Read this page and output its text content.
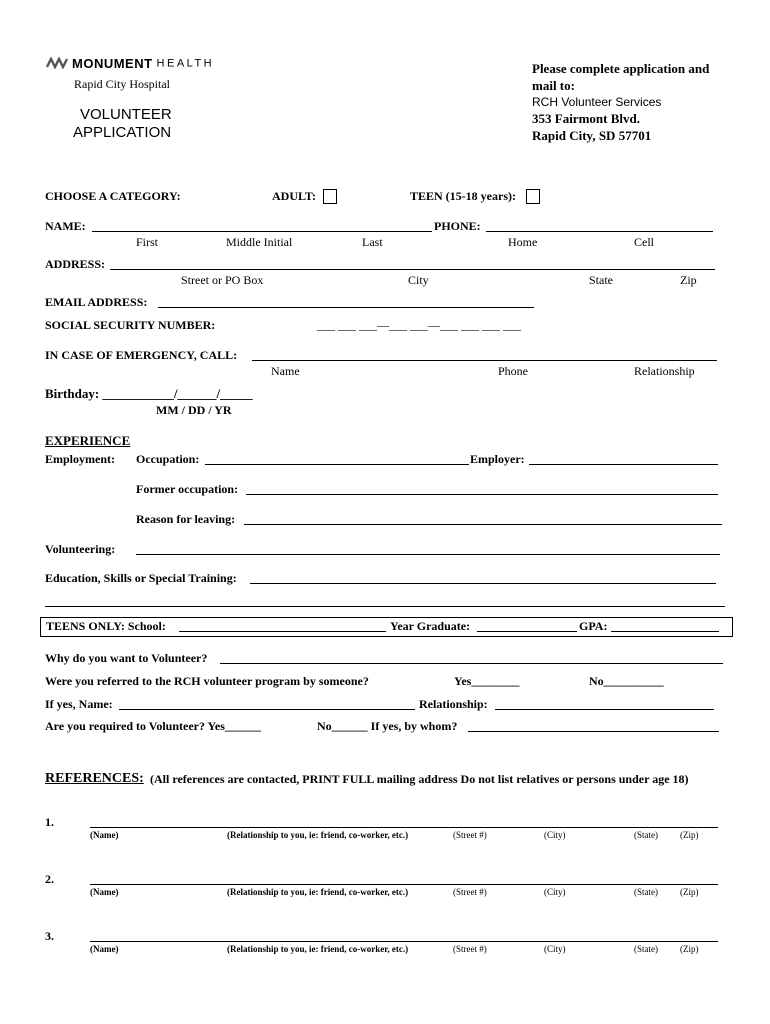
MONUMENT HEALTH
Rapid City Hospital
VOLUNTEER
APPLICATION
Please complete application and
mail to:
RCH Volunteer Services
353 Fairmont Blvd.
Rapid City, SD 57701
CHOOSE A CATEGORY:	ADULT:	TEEN (15-18 years):
NAME:	PHONE:
First	Middle Initial	Last	Home	Cell
ADDRESS:
Street or PO Box	City	State	Zip
EMAIL ADDRESS:
SOCIAL SECURITY NUMBER:	___ ___ ___—___ ___—___ ___ ___ ___
IN CASE OF EMERGENCY, CALL:
Name	Phone	Relationship
Birthday: ___________/______/_____
MM / DD / YR
EXPERIENCE
Employment: Occupation:	Employer:
Former occupation:
Reason for leaving:
Volunteering:
Education, Skills or Special Training:
TEENS ONLY: School:	Year Graduate:	GPA:
Why do you want to Volunteer?
Were you referred to the RCH volunteer program by someone?	Yes________	No__________
If yes, Name:	Relationship:
Are you required to Volunteer? Yes______	No______ If yes, by whom?
REFERENCES: (All references are contacted, PRINT FULL mailing address Do not list relatives or persons under age 18)
1.
(Name)	(Relationship to you, ie: friend, co-worker, etc.)	(Street #)	(City)	(State) (Zip)
2.
(Name)	(Relationship to you, ie: friend, co-worker, etc.)	(Street #)	(City)	(State) (Zip)
3.
(Name)	(Relationship to you, ie: friend, co-worker, etc.)	(Street #)	(City)	(State) (Zip)
